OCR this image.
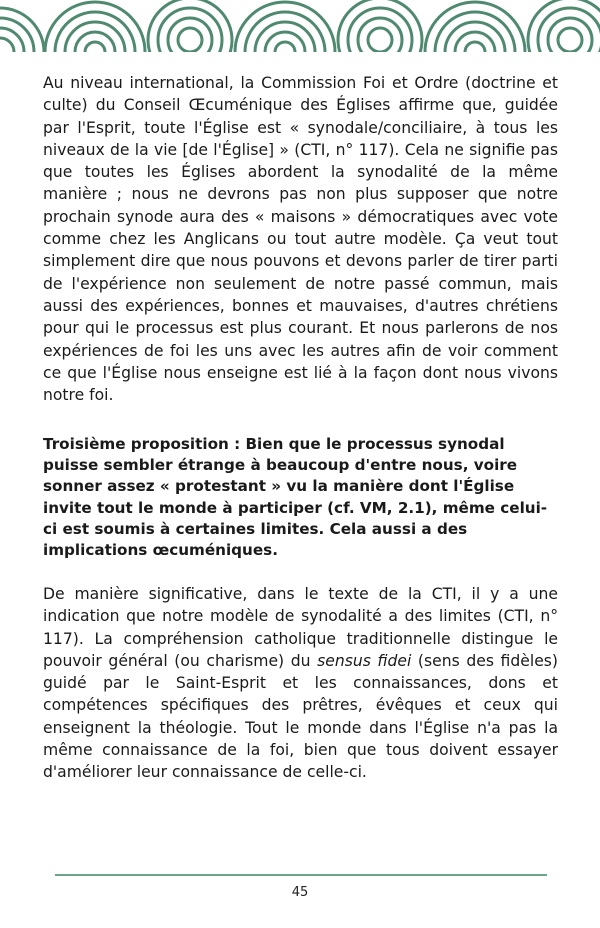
Au niveau international, la Commission Foi et Ordre (doctrine et culte) du Conseil Œcuménique des Églises affirme que, guidée par l'Esprit, toute l'Église est « synodale/conciliaire, à tous les niveaux de la vie [de l'Église] » (CTI, n° 117). Cela ne signifie pas que toutes les Églises abordent la synodalité de la même manière ; nous ne devrons pas non plus supposer que notre prochain synode aura des « maisons » démocratiques avec vote comme chez les Anglicans ou tout autre modèle. Ça veut tout simplement dire que nous pouvons et devons parler de tirer parti de l'expérience non seulement de notre passé commun, mais aussi des expériences, bonnes et mauvaises, d'autres chrétiens pour qui le processus est plus courant. Et nous parlerons de nos expériences de foi les uns avec les autres afin de voir comment ce que l'Église nous enseigne est lié à la façon dont nous vivons notre foi.

Troisième proposition : Bien que le processus synodal puisse sembler étrange à beaucoup d'entre nous, voire sonner assez « protestant » vu la manière dont l'Église invite tout le monde à participer (cf. VM, 2.1), même celui-ci est soumis à certaines limites. Cela aussi a des implications œcuméniques.

De manière significative, dans le texte de la CTI, il y a une indication que notre modèle de synodalité a des limites (CTI, n° 117). La compréhension catholique traditionnelle distingue le pouvoir général (ou charisme) du sensus fidei (sens des fidèles) guidé par le Saint-Esprit et les connaissances, dons et compétences spécifiques des prêtres, évêques et ceux qui enseignent la théologie. Tout le monde dans l'Église n'a pas la même connaissance de la foi, bien que tous doivent essayer d'améliorer leur connaissance de celle-ci.

45
